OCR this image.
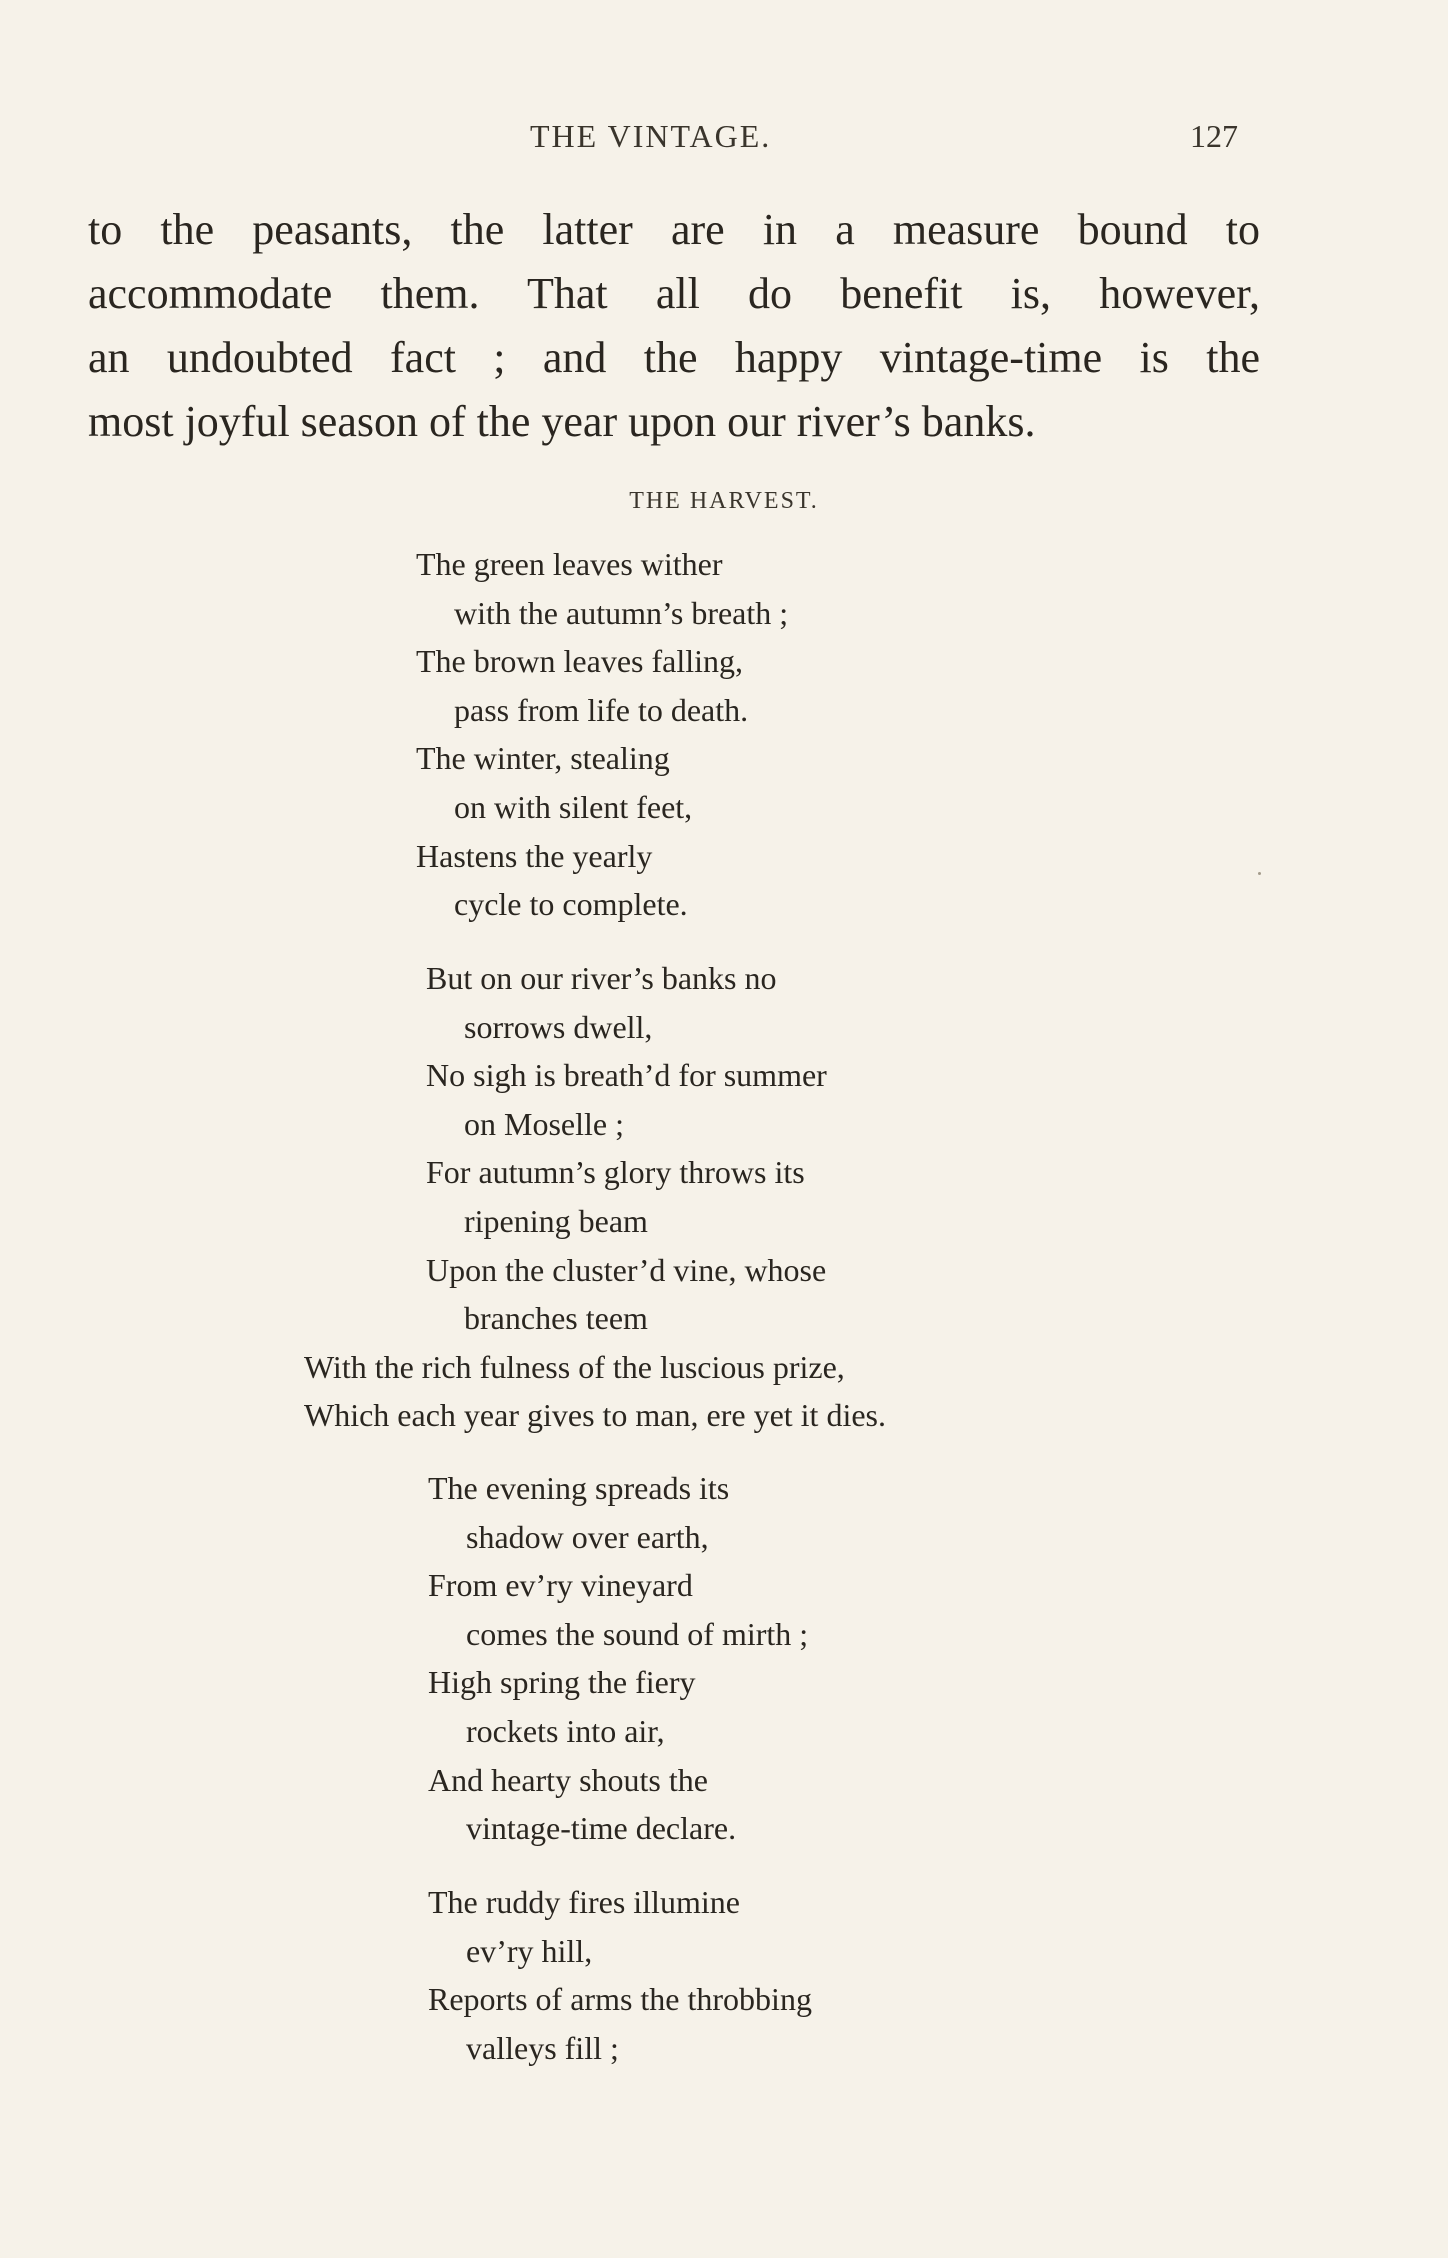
THE VINTAGE.	127
to the peasants, the latter are in a measure bound to
accommodate them. That all do benefit is, however,
an undoubted fact ; and the happy vintage-time is the
most joyful season of the year upon our river’s banks.
THE HARVEST.
The green leaves wither
with the autumn’s breath ;
The brown leaves falling,
pass from life to death.
The winter, stealing
on with silent feet,
Hastens the yearly
cycle to complete.
But on our river’s banks no
sorrows dwell,
No sigh is breath’d for summer
on Moselle ;
For autumn’s glory throws its
ripening beam
Upon the cluster’d vine, whose
branches teem
With the rich fulness of the luscious prize,
Which each year gives to man, ere yet it dies.
The evening spreads its
shadow over earth,
From ev’ry vineyard
comes the sound of mirth ;
High spring the fiery
rockets into air,
And hearty shouts the
vintage-time declare.
The ruddy fires illumine
ev’ry hill,
Reports of arms the throbbing
valleys fill ;
